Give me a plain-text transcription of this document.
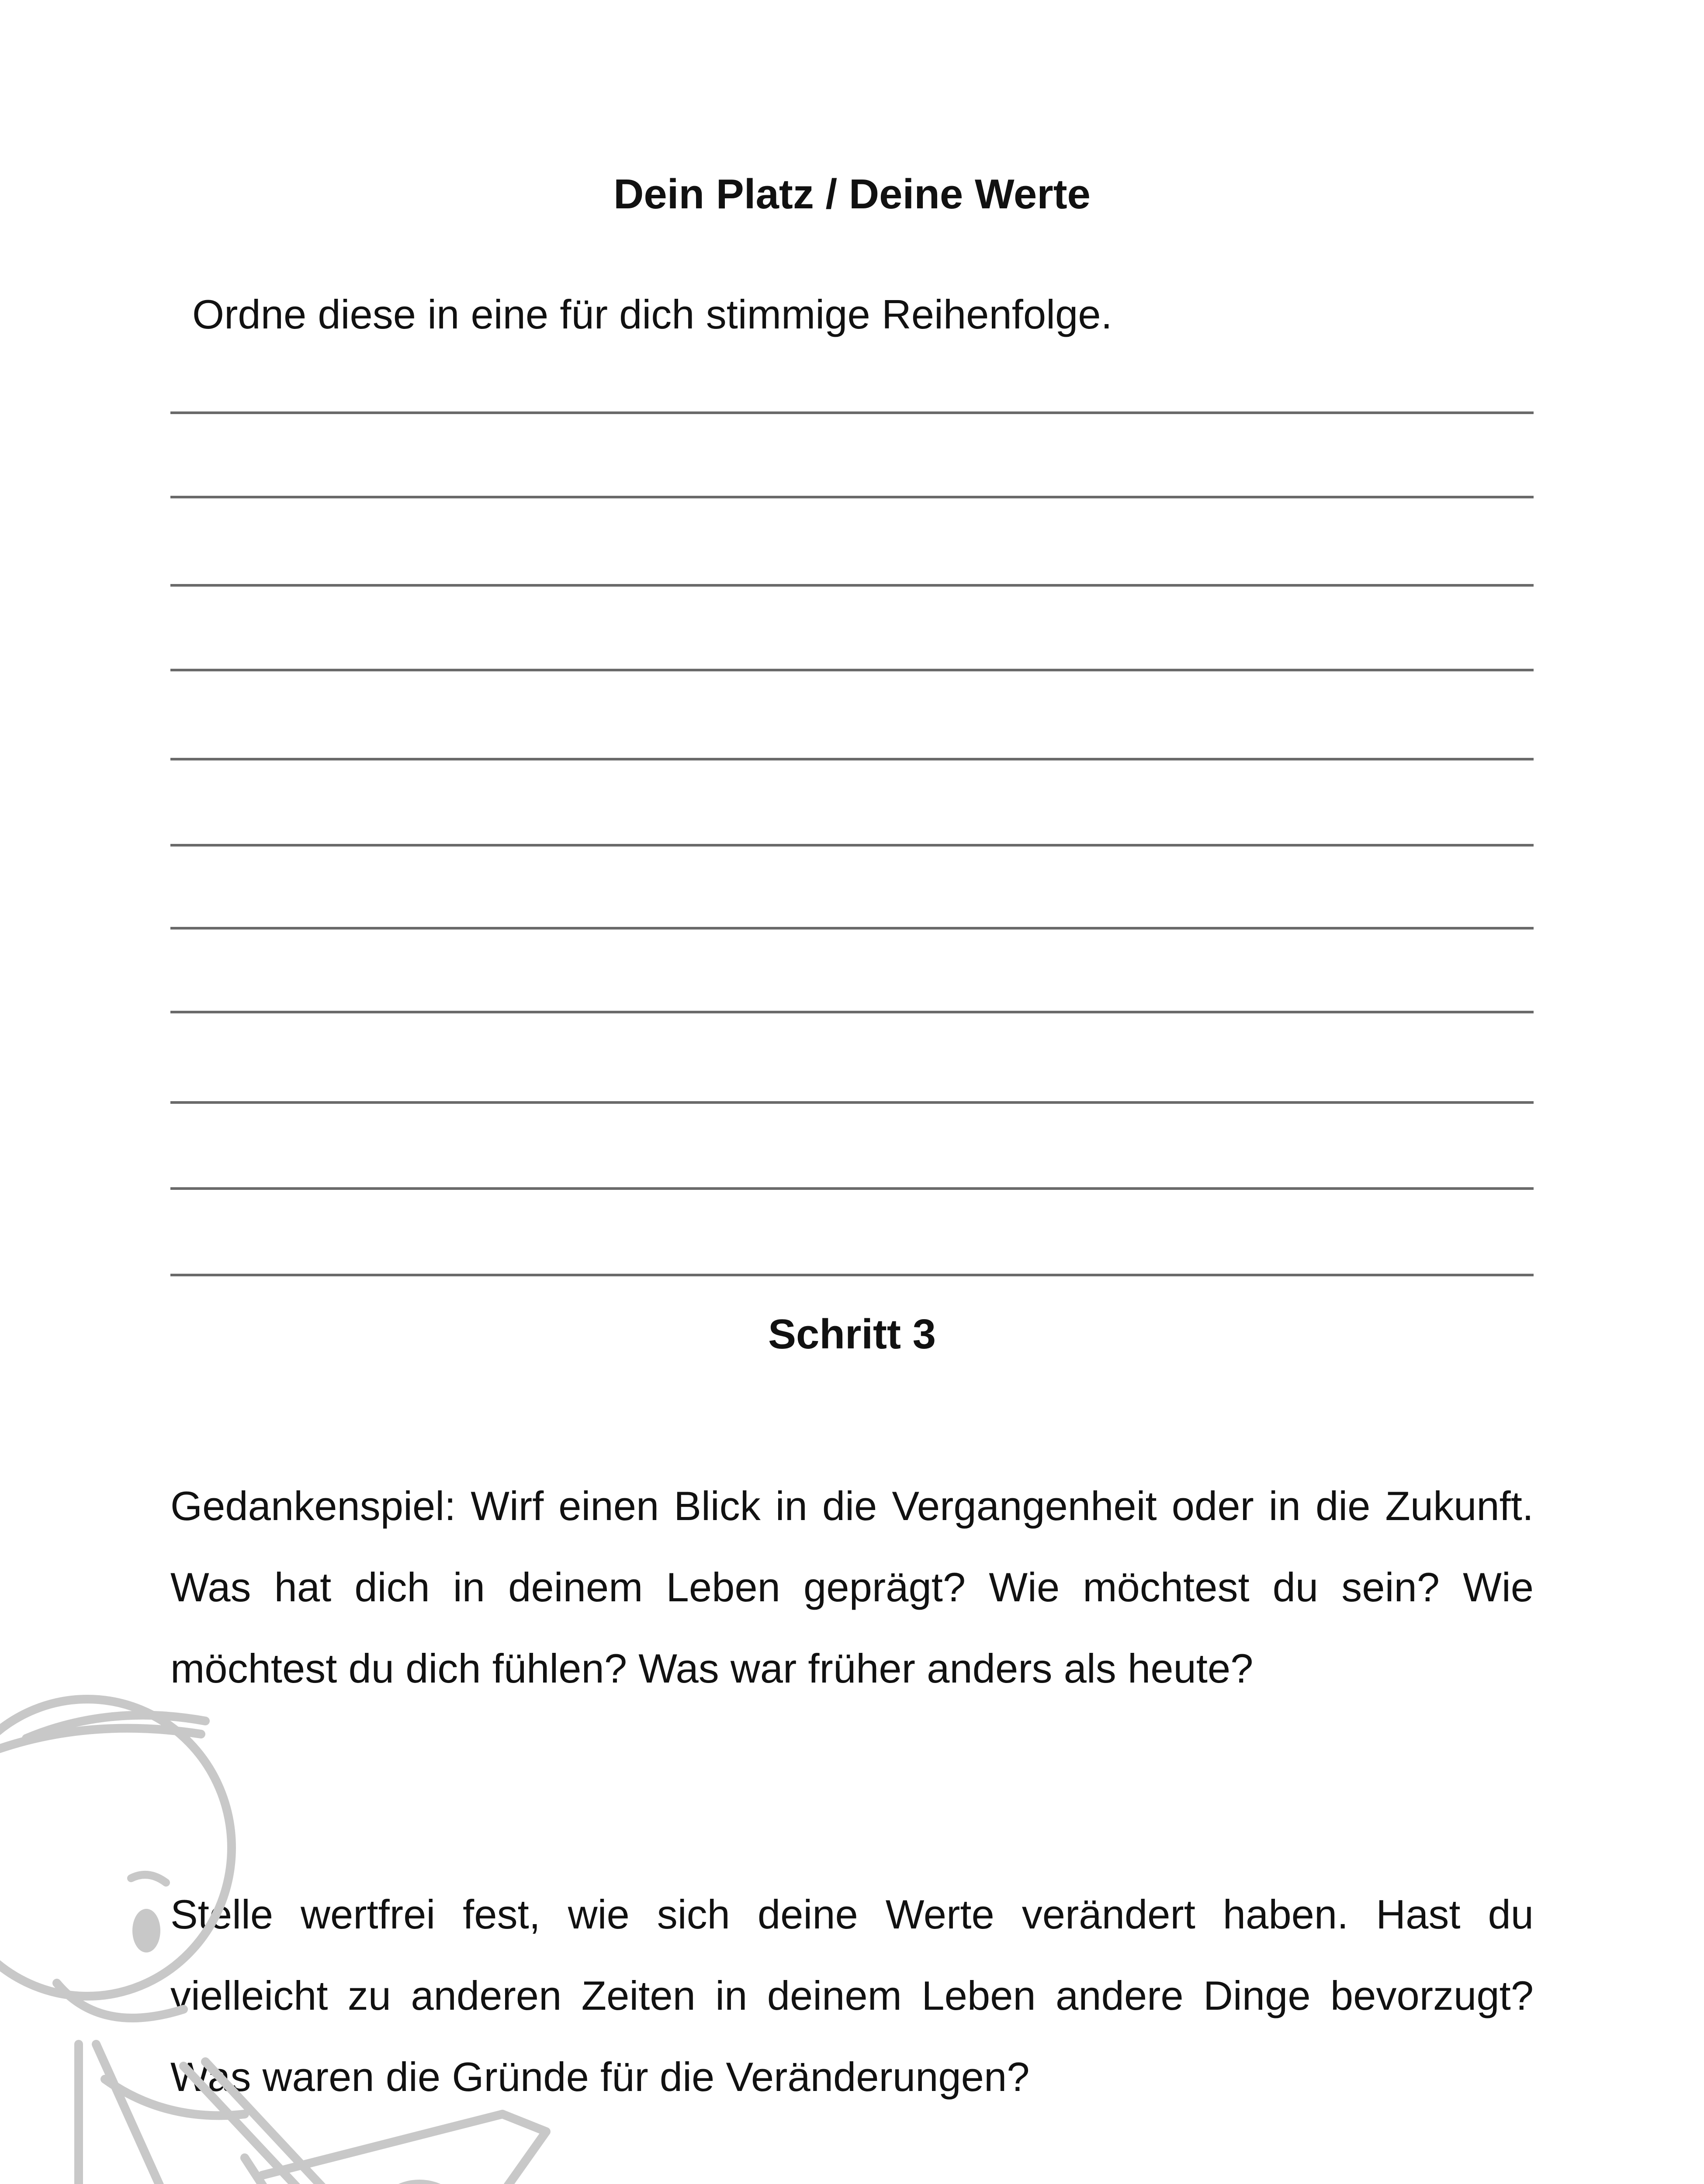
Dein Platz / Deine Werte
Ordne diese in eine für dich stimmige Reihenfolge.
Schritt 3
Gedankenspiel: Wirf einen Blick in die Vergangenheit oder in die Zukunft. Was hat dich in deinem Leben geprägt? Wie möchtest du sein? Wie möchtest du dich fühlen? Was war früher anders als heute?
Stelle wertfrei fest, wie sich deine Werte verändert haben. Hast du vielleicht zu anderen Zeiten in deinem Leben andere Dinge bevorzugt? Was waren die Gründe für die Veränderungen?
